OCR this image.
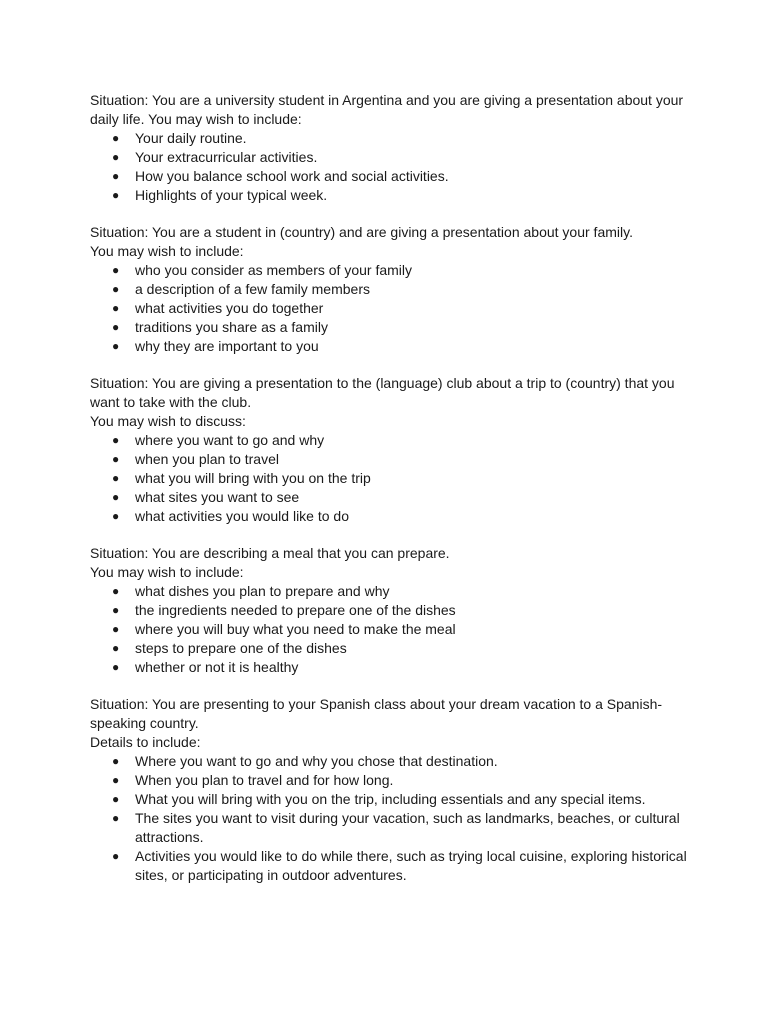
Situation: You are a university student in Argentina and you are giving a presentation about your daily life. You may wish to include:

● Your daily routine.
● Your extracurricular activities.
● How you balance school work and social activities.
● Highlights of your typical week.

Situation: You are a student in (country) and are giving a presentation about your family.

You may wish to include:

● who you consider as members of your family
● a description of a few family members
● what activities you do together
● traditions you share as a family
● why they are important to you

Situation: You are giving a presentation to the (language) club about a trip to (country) that you want to take with the club.

You may wish to discuss:

● where you want to go and why
● when you plan to travel
● what you will bring with you on the trip
● what sites you want to see
● what activities you would like to do

Situation: You are describing a meal that you can prepare.

You may wish to include:

● what dishes you plan to prepare and why
● the ingredients needed to prepare one of the dishes
● where you will buy what you need to make the meal
● steps to prepare one of the dishes
● whether or not it is healthy

Situation: You are presenting to your Spanish class about your dream vacation to a Spanish-speaking country.

Details to include:

● Where you want to go and why you chose that destination.
● When you plan to travel and for how long.
● What you will bring with you on the trip, including essentials and any special items.
● The sites you want to visit during your vacation, such as landmarks, beaches, or cultural attractions.
● Activities you would like to do while there, such as trying local cuisine, exploring historical sites, or participating in outdoor adventures.
